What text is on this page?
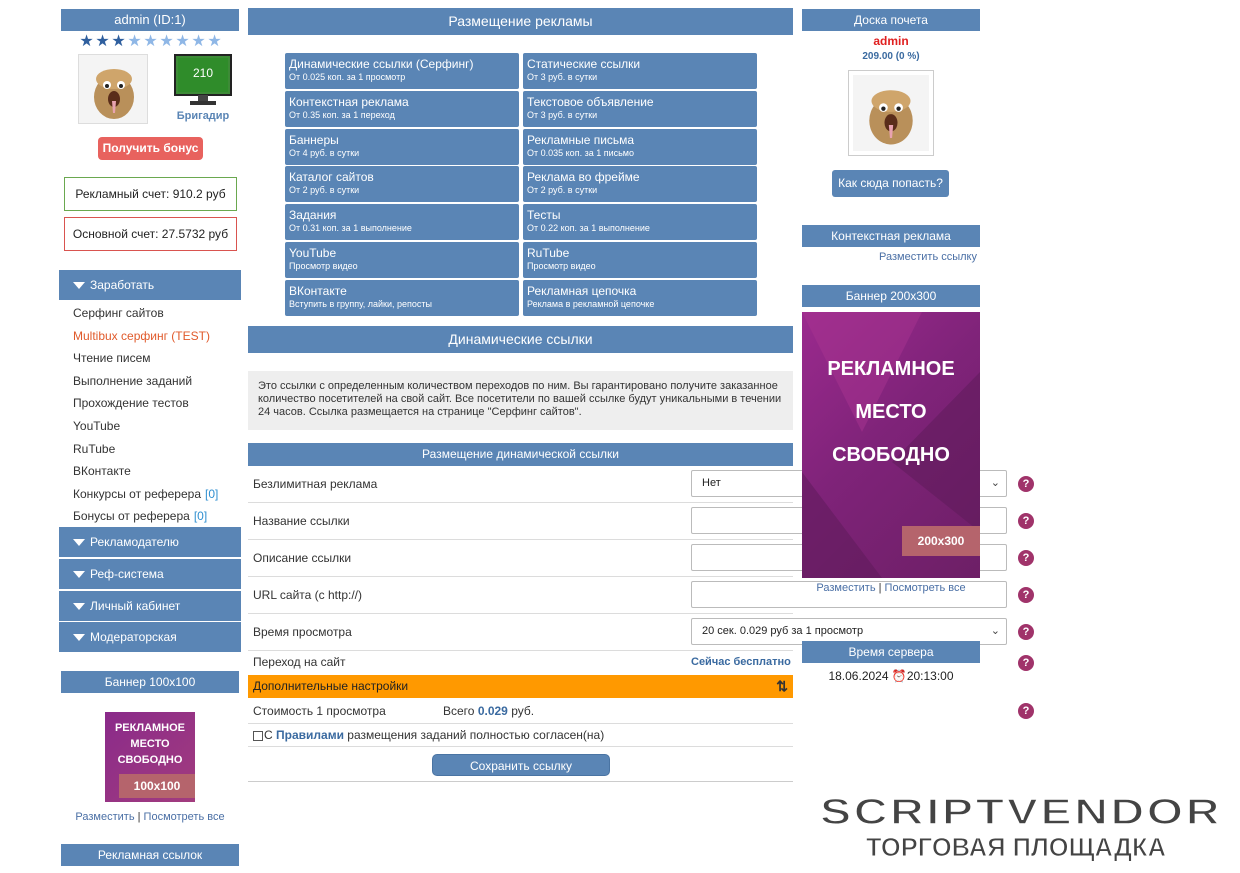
admin (ID:1)
★ ★ ★ ★ ★ ★ ★ ★ ★
210
Бригадир
Получить бонус
Рекламный счет: 910.2 руб
Основной счет: 27.5732 руб
Заработать
Серфинг сайтов
Multibux серфинг (TEST)
Чтение писем
Выполнение заданий
Прохождение тестов
YouTube
RuTube
ВКонтакте
Конкурсы от реферера [0]
Бонусы от реферера [0]
Рекламодателю
Реф-система
Личный кабинет
Модераторская
Баннер 100x100
РЕКЛАМНОЕ
МЕСТО
СВОБОДНО
100x100
Разместить | Посмотреть все
Рекламная ссылок
Размещение рекламы
Динамические ссылки (Серфинг)
От 0.025 коп. за 1 просмотр
Статические ссылки
От 3 руб. в сутки
Контекстная реклама
От 0.35 коп. за 1 переход
Текстовое объявление
От 3 руб. в сутки
Баннеры
От 4 руб. в сутки
Рекламные письма
От 0.035 коп. за 1 письмо
Каталог сайтов
От 2 руб. в сутки
Реклама во фрейме
От 2 руб. в сутки
Задания
От 0.31 коп. за 1 выполнение
Тесты
От 0.22 коп. за 1 выполнение
YouTube
Просмотр видео
RuTube
Просмотр видео
ВКонтакте
Вступить в группу, лайки, репосты
Рекламная цепочка
Реклама в рекламной цепочке
Динамические ссылки
Это ссылки с определенным количеством переходов по ним. Вы гарантировано получите заказанное количество посетителей на свой сайт. Все посетители по вашей ссылке будут уникальными в течении 24 часов. Ссылка размещается на странице "Серфинг сайтов".
Размещение динамической ссылки
Безлимитная реклама	Нет	⌄	?
Название ссылки	?
Описание ссылки	?
URL сайта (с http://)	?
Время просмотра	20 сек. 0.029 руб за 1 просмотр	⌄	?
Переход на сайт	Сейчас бесплатно	?
Дополнительные настройки	⇅
Стоимость 1 просмотра	Всего 0.029 руб.	?
С Правилами размещения заданий полностью согласен(на)
Сохранить ссылку
Доска почета
admin
209.00 (0 %)
Как сюда попасть?
Контекстная реклама
Разместить ссылку
Баннер 200x300
РЕКЛАМНОЕ
МЕСТО
СВОБОДНО
200x300
Разместить | Посмотреть все
Время сервера
18.06.2024 ⏰20:13:00
SCRIPTVENDOR
ТОРГОВАЯ ПЛОЩАДКА
